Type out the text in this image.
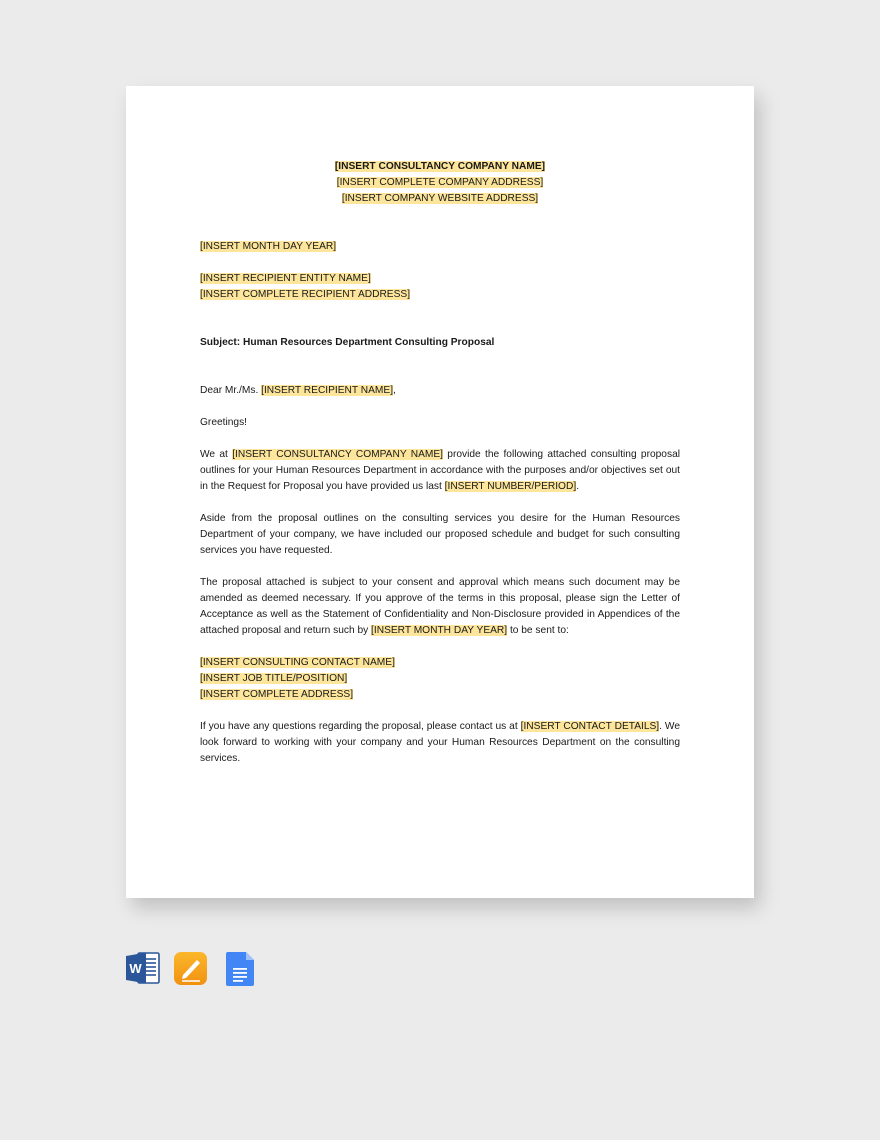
[INSERT CONSULTANCY COMPANY NAME]
[INSERT COMPLETE COMPANY ADDRESS]
[INSERT COMPANY WEBSITE ADDRESS]
[INSERT MONTH DAY YEAR]
[INSERT RECIPIENT ENTITY NAME]
[INSERT COMPLETE RECIPIENT ADDRESS]
Subject: Human Resources Department Consulting Proposal
Dear Mr./Ms. [INSERT RECIPIENT NAME],
Greetings!
We at [INSERT CONSULTANCY COMPANY NAME] provide the following attached consulting proposal outlines for your Human Resources Department in accordance with the purposes and/or objectives set out in the Request for Proposal you have provided us last [INSERT NUMBER/PERIOD].
Aside from the proposal outlines on the consulting services you desire for the Human Resources Department of your company, we have included our proposed schedule and budget for such consulting services you have requested.
The proposal attached is subject to your consent and approval which means such document may be amended as deemed necessary. If you approve of the terms in this proposal, please sign the Letter of Acceptance as well as the Statement of Confidentiality and Non-Disclosure provided in Appendices of the attached proposal and return such by [INSERT MONTH DAY YEAR] to be sent to:
[INSERT CONSULTING CONTACT NAME]
[INSERT JOB TITLE/POSITION]
[INSERT COMPLETE ADDRESS]
If you have any questions regarding the proposal, please contact us at [INSERT CONTACT DETAILS]. We look forward to working with your company and your Human Resources Department on the consulting services.
W
